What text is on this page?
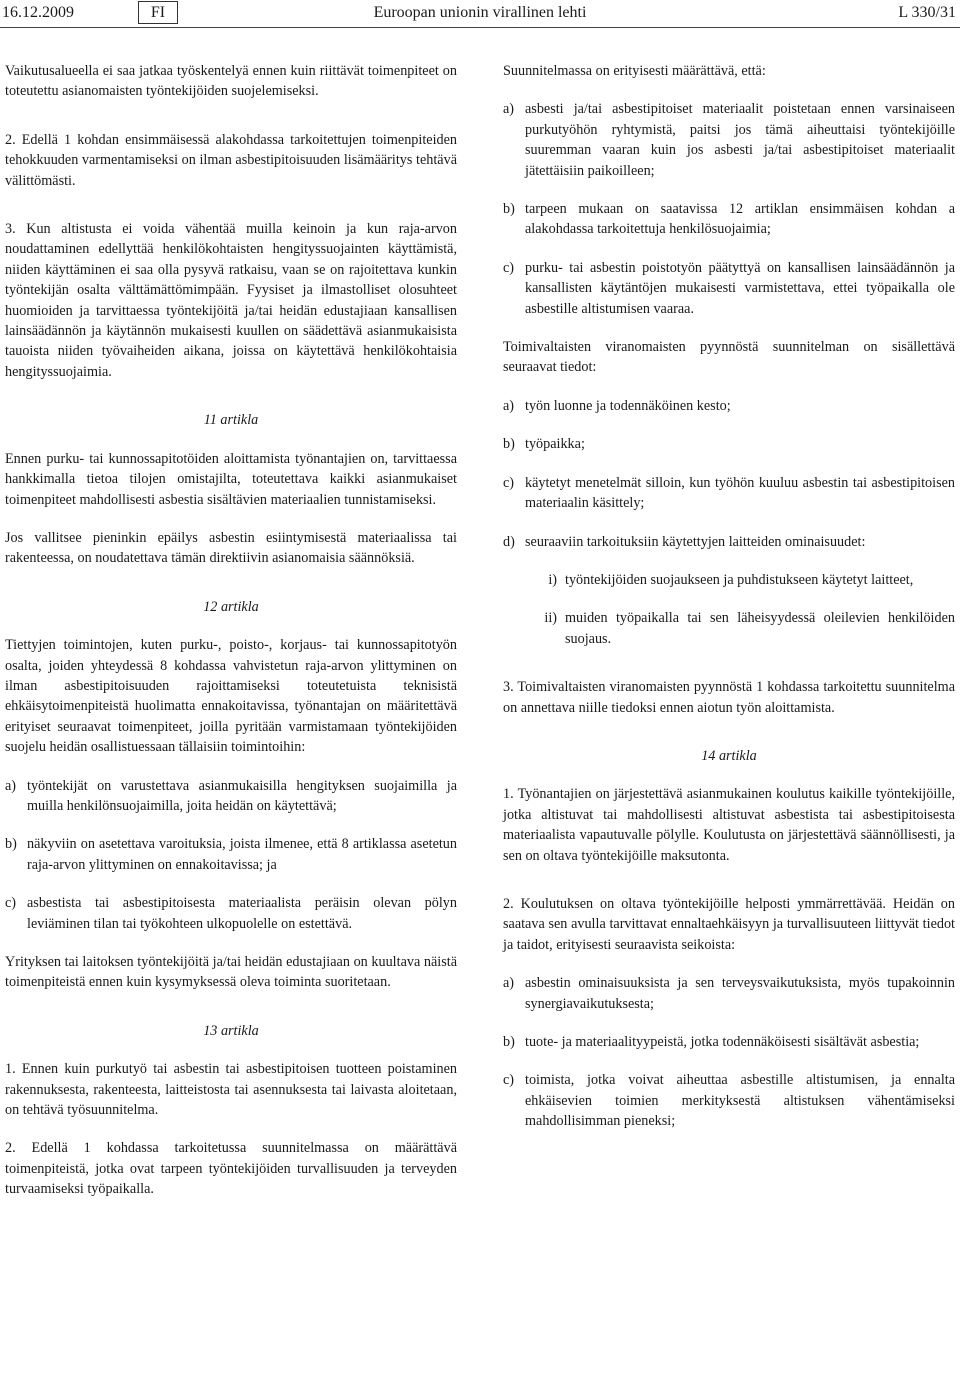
16.12.2009	FI	Euroopan unionin virallinen lehti	L 330/31

Vaikutusalueella ei saa jatkaa työskentelyä ennen kuin riittävät toimenpiteet on toteutettu asianomaisten työntekijöiden suojelemiseksi.

2. Edellä 1 kohdan ensimmäisessä alakohdassa tarkoitettujen toimenpiteiden tehokkuuden varmentamiseksi on ilman asbestipitoisuuden lisämääritys tehtävä välittömästi.

3. Kun altistusta ei voida vähentää muilla keinoin ja kun raja-arvon noudattaminen edellyttää henkilökohtaisten hengityssuojainten käyttämistä, niiden käyttäminen ei saa olla pysyvä ratkaisu, vaan se on rajoitettava kunkin työntekijän osalta välttämättömimpään. Fyysiset ja ilmastolliset olosuhteet huomioiden ja tarvittaessa työntekijöitä ja/tai heidän edustajiaan kansallisen lainsäädännön ja käytännön mukaisesti kuullen on säädettävä asianmukaisista tauoista niiden työvaiheiden aikana, joissa on käytettävä henkilökohtaisia hengityssuojaimia.

11 artikla

Ennen purku- tai kunnossapitotöiden aloittamista työnantajien on, tarvittaessa hankkimalla tietoa tilojen omistajilta, toteutettava kaikki asianmukaiset toimenpiteet mahdollisesti asbestia sisältävien materiaalien tunnistamiseksi.

Jos vallitsee pieninkin epäilys asbestin esiintymisestä materiaalissa tai rakenteessa, on noudatettava tämän direktiivin asianomaisia säännöksiä.

12 artikla

Tiettyjen toimintojen, kuten purku-, poisto-, korjaus- tai kunnossapitotyön osalta, joiden yhteydessä 8 kohdassa vahvistetun raja-arvon ylittyminen on ilman asbestipitoisuuden rajoittamiseksi toteutetuista teknisistä ehkäisytoimenpiteistä huolimatta ennakoitavissa, työnantajan on määritettävä erityiset seuraavat toimenpiteet, joilla pyritään varmistamaan työntekijöiden suojelu heidän osallistuessaan tällaisiin toimintoihin:

a) työntekijät on varustettava asianmukaisilla hengityksen suojaimilla ja muilla henkilönsuojaimilla, joita heidän on käytettävä;
b) näkyviin on asetettava varoituksia, joista ilmenee, että 8 artiklassa asetetun raja-arvon ylittyminen on ennakoitavissa; ja
c) asbestista tai asbestipitoisesta materiaalista peräisin olevan pölyn leviäminen tilan tai työkohteen ulkopuolelle on estettävä.

Yrityksen tai laitoksen työntekijöitä ja/tai heidän edustajiaan on kuultava näistä toimenpiteistä ennen kuin kysymyksessä oleva toiminta suoritetaan.

13 artikla

1. Ennen kuin purkutyö tai asbestin tai asbestipitoisen tuotteen poistaminen rakennuksesta, rakenteesta, laitteistosta tai asennuksesta tai laivasta aloitetaan, on tehtävä työsuunnitelma.

2. Edellä 1 kohdassa tarkoitetussa suunnitelmassa on määrättävä toimenpiteistä, jotka ovat tarpeen työntekijöiden turvallisuuden ja terveyden turvaamiseksi työpaikalla.

Suunnitelmassa on erityisesti määrättävä, että:

a) asbesti ja/tai asbestipitoiset materiaalit poistetaan ennen varsinaiseen purkutyöhön ryhtymistä, paitsi jos tämä aiheuttaisi työntekijöille suuremman vaaran kuin jos asbesti ja/tai asbestipitoiset materiaalit jätettäisiin paikoilleen;
b) tarpeen mukaan on saatavissa 12 artiklan ensimmäisen kohdan a alakohdassa tarkoitettuja henkilösuojaimia;
c) purku- tai asbestin poistotyön päätyttyä on kansallisen lainsäädännön ja kansallisten käytäntöjen mukaisesti varmistettava, ettei työpaikalla ole asbestille altistumisen vaaraa.

Toimivaltaisten viranomaisten pyynnöstä suunnitelman on sisällettävä seuraavat tiedot:

a) työn luonne ja todennäköinen kesto;
b) työpaikka;
c) käytetyt menetelmät silloin, kun työhön kuuluu asbestin tai asbestipitoisen materiaalin käsittely;
d) seuraaviin tarkoituksiin käytettyjen laitteiden ominaisuudet:
i) työntekijöiden suojaukseen ja puhdistukseen käytetyt laitteet,
ii) muiden työpaikalla tai sen läheisyydessä oleilevien henkilöiden suojaus.

3. Toimivaltaisten viranomaisten pyynnöstä 1 kohdassa tarkoitettu suunnitelma on annettava niille tiedoksi ennen aiotun työn aloittamista.

14 artikla

1. Työnantajien on järjestettävä asianmukainen koulutus kaikille työntekijöille, jotka altistuvat tai mahdollisesti altistuvat asbestista tai asbestipitoisesta materiaalista vapautuvalle pölylle. Koulutusta on järjestettävä säännöllisesti, ja sen on oltava työntekijöille maksutonta.

2. Koulutuksen on oltava työntekijöille helposti ymmärrettävää. Heidän on saatava sen avulla tarvittavat ennaltaehkäisyyn ja turvallisuuteen liittyvät tiedot ja taidot, erityisesti seuraavista seikoista:

a) asbestin ominaisuuksista ja sen terveysvaikutuksista, myös tupakoinnin synergiavaikutuksesta;
b) tuote- ja materiaalityypeistä, jotka todennäköisesti sisältävät asbestia;
c) toimista, jotka voivat aiheuttaa asbestille altistumisen, ja ennalta ehkäisevien toimien merkityksestä altistuksen vähentämiseksi mahdollisimman pieneksi;
